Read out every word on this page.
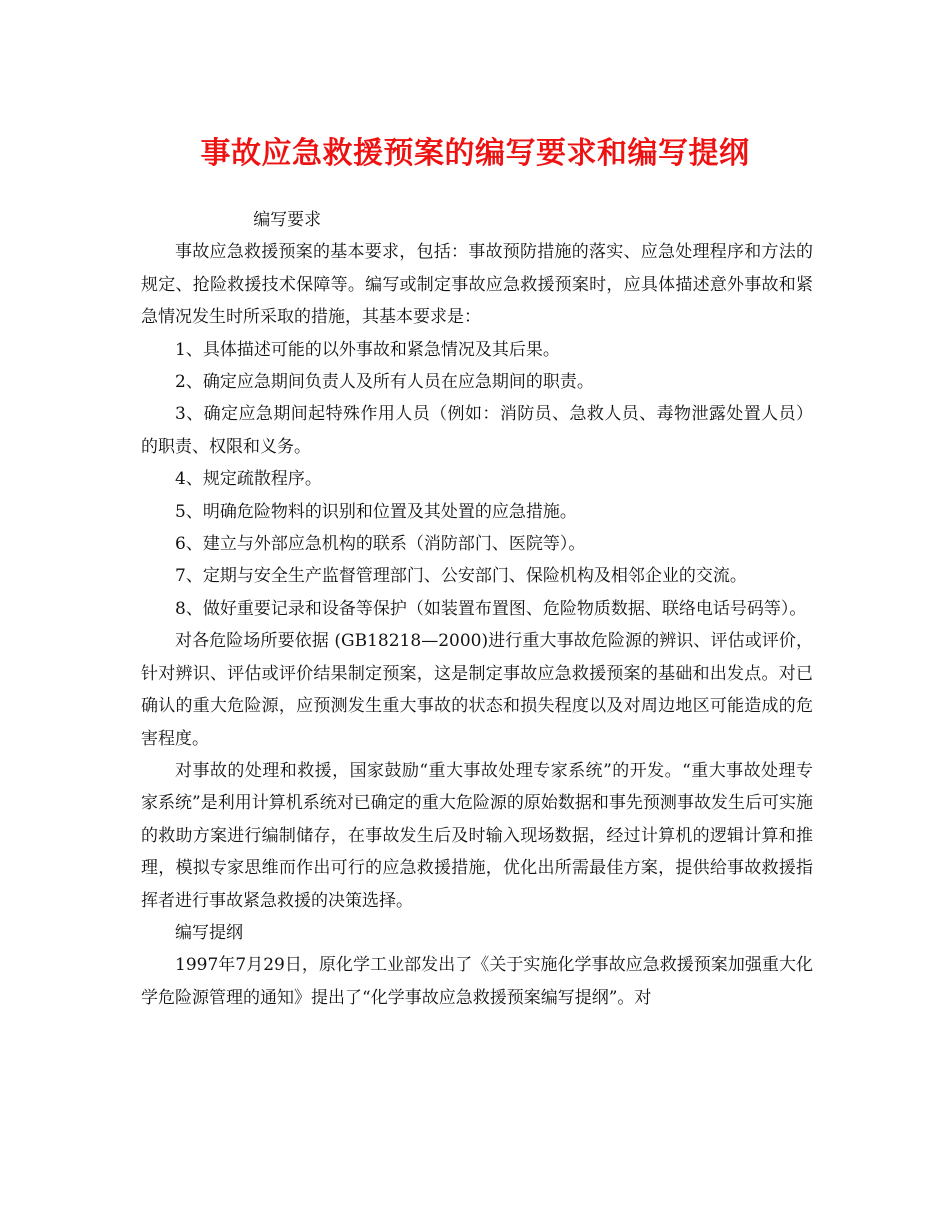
事故应急救援预案的编写要求和编写提纲

编写要求

事故应急救援预案的基本要求，包括：事故预防措施的落实、应急处理程序和方法的规定、抢险救援技术保障等。编写或制定事故应急救援预案时，应具体描述意外事故和紧急情况发生时所采取的措施，其基本要求是：

1、具体描述可能的以外事故和紧急情况及其后果。

2、确定应急期间负责人及所有人员在应急期间的职责。

3、确定应急期间起特殊作用人员（例如：消防员、急救人员、毒物泄露处置人员）的职责、权限和义务。

4、规定疏散程序。

5、明确危险物料的识别和位置及其处置的应急措施。

6、建立与外部应急机构的联系（消防部门、医院等）。

7、定期与安全生产监督管理部门、公安部门、保险机构及相邻企业的交流。

8、做好重要记录和设备等保护（如装置布置图、危险物质数据、联络电话号码等）。

对各危险场所要依据 (GB18218—2000)进行重大事故危险源的辨识、评估或评价，针对辨识、评估或评价结果制定预案，这是制定事故应急救援预案的基础和出发点。对已确认的重大危险源，应预测发生重大事故的状态和损失程度以及对周边地区可能造成的危害程度。

对事故的处理和救援，国家鼓励“重大事故处理专家系统”的开发。“重大事故处理专家系统”是利用计算机系统对已确定的重大危险源的原始数据和事先预测事故发生后可实施的救助方案进行编制储存，在事故发生后及时输入现场数据，经过计算机的逻辑计算和推理，模拟专家思维而作出可行的应急救援措施，优化出所需最佳方案，提供给事故救援指挥者进行事故紧急救援的决策选择。

编写提纲

1997年7月29日，原化学工业部发出了《关于实施化学事故应急救援预案加强重大化学危险源管理的通知》提出了“化学事故应急救援预案编写提纲”。对
